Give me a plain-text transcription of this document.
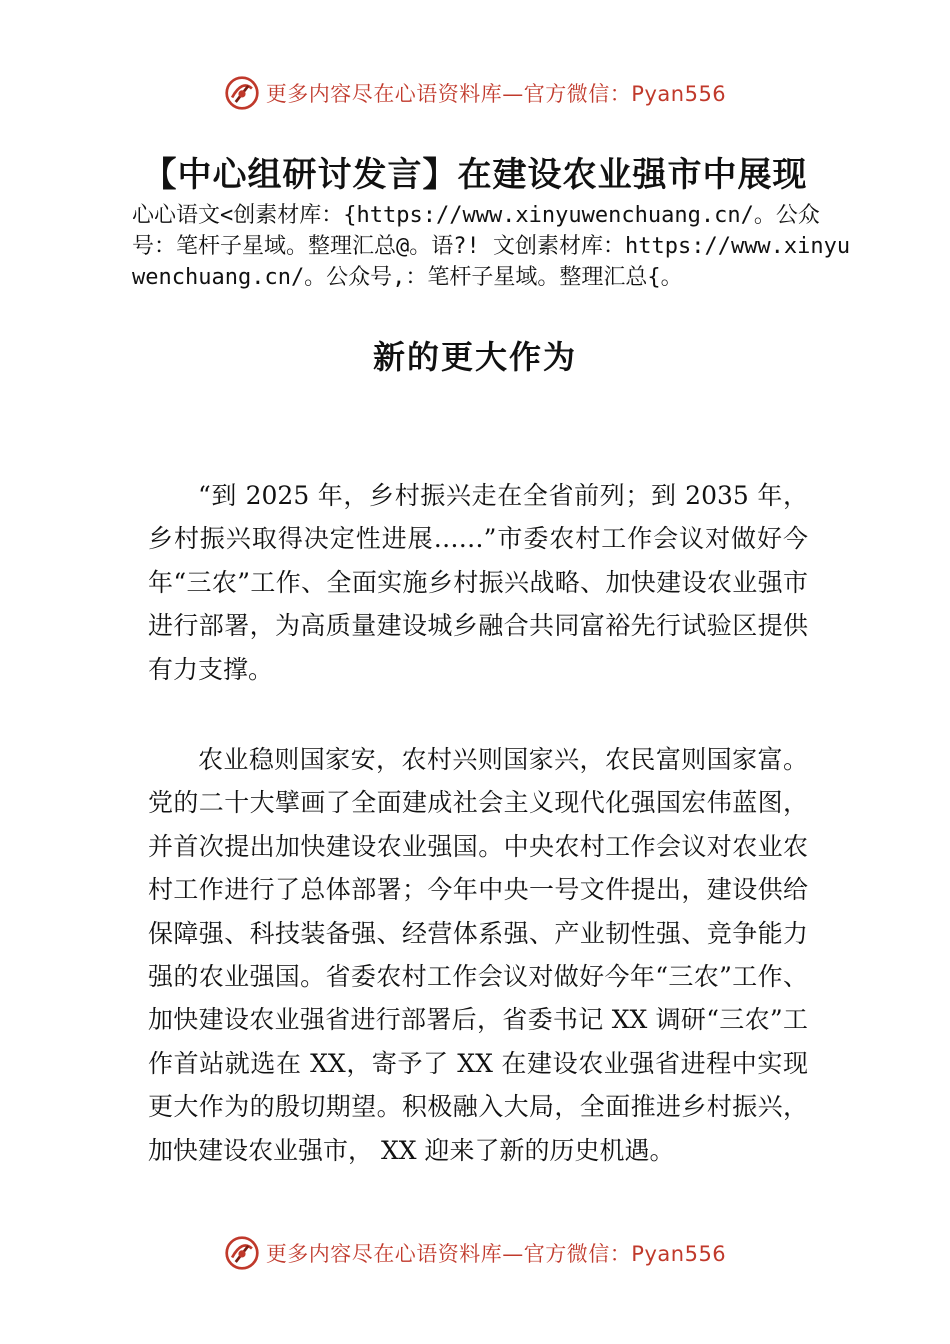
更多内容尽在心语资料库—官方微信：Pyan556
【中心组研讨发言】在建设农业强市中展现
心心语文<创素材库：{https://www.xinyuwenchuang.cn/。公众号：笔杆子星域。整理汇总@。语?! 文创素材库：https://www.xinyuwenchuang.cn/。公众号,：笔杆子星域。整理汇总{。
新的更大作为

“到 2025 年，乡村振兴走在全省前列；到 2035 年，乡村振兴取得决定性进展……”市委农村工作会议对做好今年“三农”工作、全面实施乡村振兴战略、加快建设农业强市进行部署，为高质量建设城乡融合共同富裕先行试验区提供有力支撑。

农业稳则国家安，农村兴则国家兴，农民富则国家富。党的二十大擘画了全面建成社会主义现代化强国宏伟蓝图，并首次提出加快建设农业强国。中央农村工作会议对农业农村工作进行了总体部署；今年中央一号文件提出，建设供给保障强、科技装备强、经营体系强、产业韧性强、竞争能力强的农业强国。省委农村工作会议对做好今年“三农”工作、加快建设农业强省进行部署后，省委书记 XX 调研“三农”工作首站就选在 XX，寄予了 XX 在建设农业强省进程中实现更大作为的殷切期望。积极融入大局，全面推进乡村振兴，加快建设农业强市， XX 迎来了新的历史机遇。

更多内容尽在心语资料库—官方微信：Pyan556
